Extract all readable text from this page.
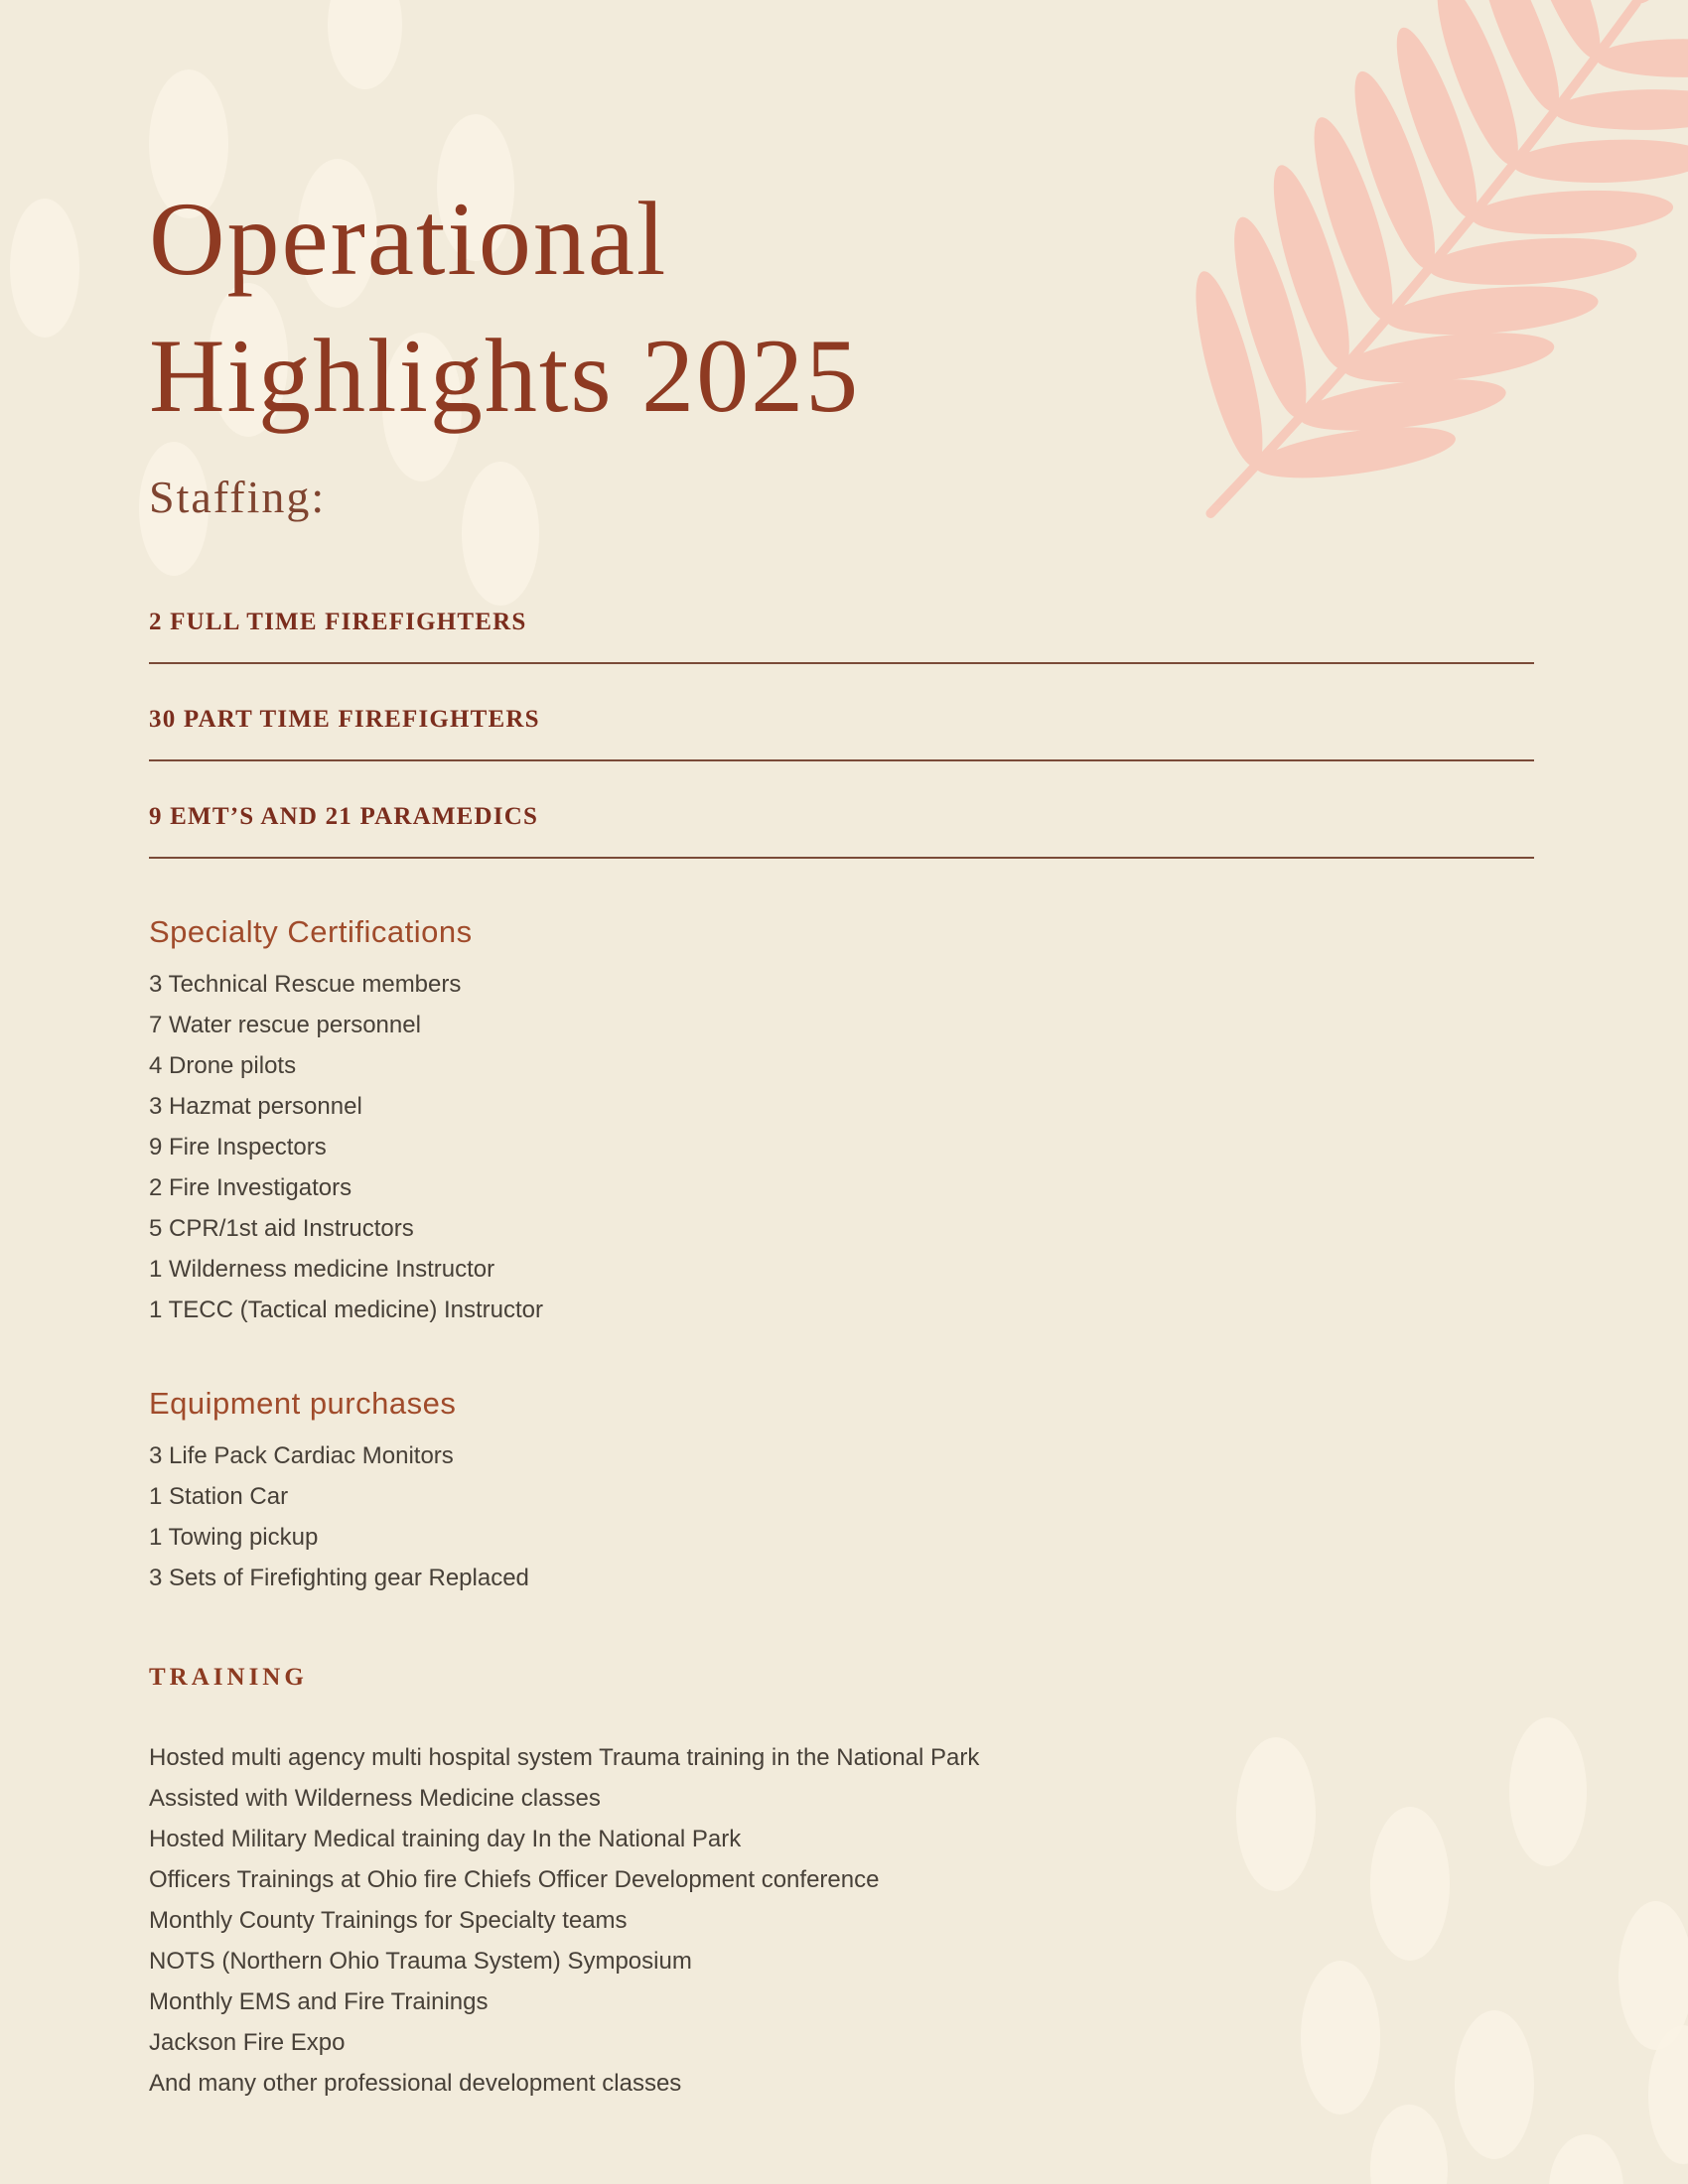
Operational
Highlights 2025
Staffing:
2 FULL TIME FIREFIGHTERS
30 PART TIME FIREFIGHTERS
9 EMT’S AND 21 PARAMEDICS
Specialty Certifications
3 Technical Rescue members
7 Water rescue personnel
4 Drone pilots
3 Hazmat personnel
9 Fire Inspectors
2 Fire Investigators
5 CPR/1st aid Instructors
1 Wilderness medicine Instructor
1 TECC (Tactical medicine) Instructor
Equipment purchases
3 Life Pack Cardiac Monitors
1 Station Car
1 Towing pickup
3 Sets of Firefighting gear Replaced
TRAINING
Hosted multi agency multi hospital system Trauma training in the National Park
Assisted with Wilderness Medicine classes
Hosted Military Medical training day In the National Park
Officers Trainings at Ohio fire Chiefs Officer Development conference
Monthly County Trainings for Specialty teams
NOTS (Northern Ohio Trauma System) Symposium
Monthly EMS and Fire Trainings
Jackson Fire Expo
And many other professional development classes
